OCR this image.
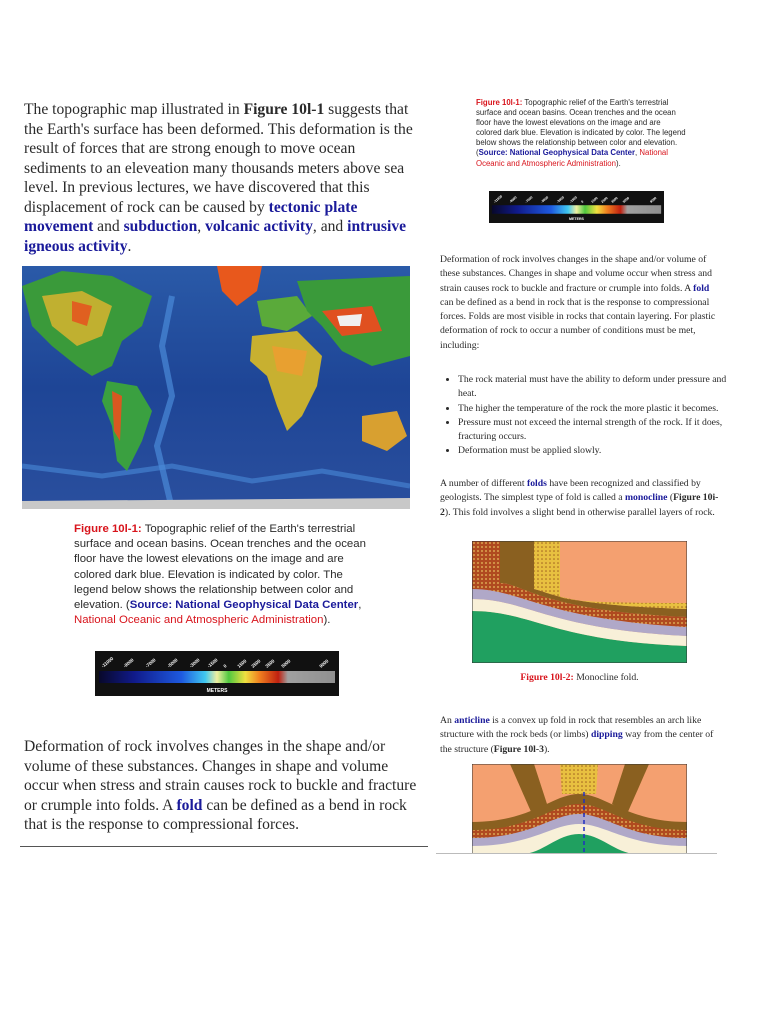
The topographic map illustrated in Figure 10l-1 suggests that the Earth's surface has been deformed. This deformation is the result of forces that are strong enough to move ocean sediments to an eleveation many thousands meters above sea level. In previous lectures, we have discovered that this displacement of rock can be caused by tectonic plate movement and subduction, volcanic activity, and intrusive igneous activity.

Figure 10l-1: Topographic relief of the Earth's terrestrial surface and ocean basins. Ocean trenches and the ocean floor have the lowest elevations on the image and are colored dark blue. Elevation is indicated by color. The legend below shows the relationship between color and elevation. (Source: National Geophysical Data Center, National Oceanic and Atmospheric Administration).

-11000 -9000 -7000 -5000 -3000 -1500 0 1500 2500 3500 5000	9000
METERS

Deformation of rock involves changes in the shape and/or volume of these substances. Changes in shape and volume occur when stress and strain causes rock to buckle and fracture or crumple into folds. A fold can be defined as a bend in rock that is the response to compressional forces.

Figure 10l-1: Topographic relief of the Earth's terrestrial surface and ocean basins. Ocean trenches and the ocean floor have the lowest elevations on the image and are colored dark blue. Elevation is indicated by color. The legend below shows the relationship between color and elevation. (Source: National Geophysical Data Center, National Oceanic and Atmospheric Administration).

-11000 -9000 -7000 -5000 -3000 -1500 0 1500 2500 3500 5000	9000
METERS

Deformation of rock involves changes in the shape and/or volume of these substances. Changes in shape and volume occur when stress and strain causes rock to buckle and fracture or crumple into folds. A fold can be defined as a bend in rock that is the response to compressional forces. Folds are most visible in rocks that contain layering. For plastic deformation of rock to occur a number of conditions must be met, including:

• The rock material must have the ability to deform under pressure and heat.
• The higher the temperature of the rock the more plastic it becomes.
• Pressure must not exceed the internal strength of the rock. If it does, fracturing occurs.
• Deformation must be applied slowly.

A number of different folds have been recognized and classified by geologists. The simplest type of fold is called a monocline (Figure 10i-2). This fold involves a slight bend in otherwise parallel layers of rock.

Figure 10l-2: Monocline fold.

An anticline is a convex up fold in rock that resembles an arch like structure with the rock beds (or limbs) dipping way from the center of the structure (Figure 10l-3).
